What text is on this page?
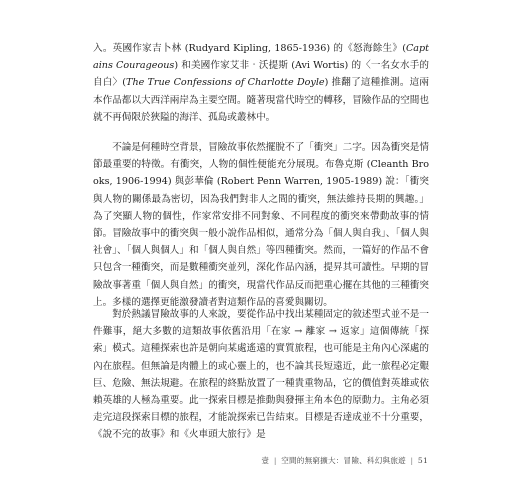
入。英國作家吉卜林 (Rudyard Kipling, 1865-1936) 的《怒海餘生》(Captains Courageous) 和美國作家艾非‧沃提斯 (Avi Wortis) 的〈一名女水手的自白〉(The True Confessions of Charlotte Doyle) 推翻了這種推測。這兩本作品都以大西洋兩岸為主要空間。隨著現當代時空的轉移，冒險作品的空間也就不再侷限於狹隘的海洋、孤島或叢林中。

不論是何種時空背景，冒險故事依然擺脫不了「衝突」二字。因為衝突是情節最重要的特徵。有衝突，人物的個性便能充分展現。布魯克斯 (Cleanth Brooks, 1906-1994) 與彭華倫 (Robert Penn Warren, 1905-1989) 說：「衝突與人物的關係最為密切，因為我們對非人之間的衝突，無法維持長期的興趣。」為了突顯人物的個性，作家常安排不同對象、不同程度的衝突來帶動故事的情節。冒險故事中的衝突與一般小說作品相似，通常分為「個人與自我」、「個人與社會」、「個人與個人」和「個人與自然」等四種衝突。然而，一篇好的作品不會只包含一種衝突，而是數種衝突並列，深化作品內涵，提昇其可讀性。早期的冒險故事著重「個人與自然」的衝突，現當代作品反而把重心擺在其他的三種衝突上。多樣的選擇更能激發讀者對這類作品的喜愛與關切。

對於熱議冒險故事的人來說，要從作品中找出某種固定的敘述型式並不是一件難事，絕大多數的這類故事依舊沿用「在家 → 離家 → 返家」這個傳統「探索」模式。這種探索也許是朝向某處遙遠的實質旅程，也可能是主角內心深處的內在旅程。但無論是肉體上的或心靈上的，也不論其長短遠近，此一旅程必定艱巨、危險、無法規避。在旅程的終點放置了一種貴重物品，它的價值對英雄或依賴英雄的人極為重要。此一探索目標是推動與發揮主角本色的原動力。主角必須走完這段探索目標的旅程，才能說探索已告結束。目標是否達成並不十分重要，《說不完的故事》和《火車頭大旅行》是

壹 | 空間的無窮擴大：冒險、科幻與旅遊 | 51
